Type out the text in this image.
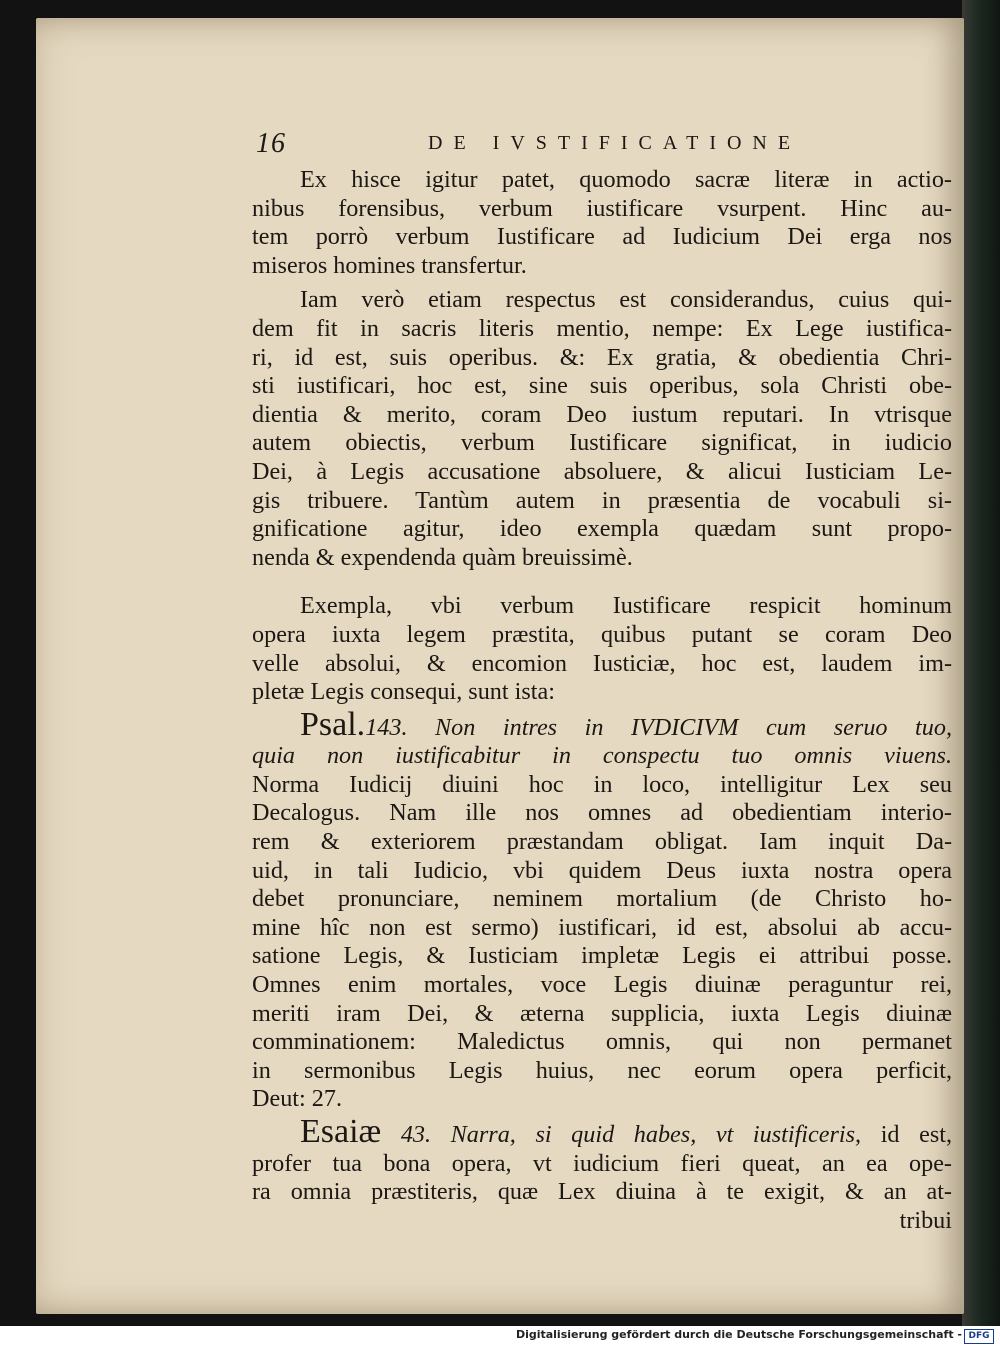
16	DE IVSTIFICATIONE

Ex hisce igitur patet, quomodo sacræ literæ in actio-
nibus forensibus, verbum iustificare vsurpent. Hinc au-
tem porrò verbum Iustificare ad Iudicium Dei erga nos
miseros homines transfertur.

Iam verò etiam respectus est considerandus, cuius qui-
dem fit in sacris literis mentio, nempe: Ex Lege iustifica-
ri, id est, suis operibus. &: Ex gratia, & obedientia Chri-
sti iustificari, hoc est, sine suis operibus, sola Christi obe-
dientia & merito, coram Deo iustum reputari. In vtrisque
autem obiectis, verbum Iustificare significat, in iudicio
Dei, à Legis accusatione absoluere, & alicui Iusticiam Le-
gis tribuere. Tantùm autem in præsentia de vocabuli si-
gnificatione agitur, ideo exempla quædam sunt propo-
nenda & expendenda quàm breuissimè.

Exempla, vbi verbum Iustificare respicit hominum
opera iuxta legem præstita, quibus putant se coram Deo
velle absolui, & encomion Iusticiæ, hoc est, laudem im-
pletæ Legis consequi, sunt ista:

Psal.143. Non intres in IVDICIVM cum seruo tuo,
quia non iustificabitur in conspectu tuo omnis viuens.
Norma Iudicij diuini hoc in loco, intelligitur Lex seu
Decalogus. Nam ille nos omnes ad obedientiam interio-
rem & exteriorem præstandam obligat. Iam inquit Da-
uid, in tali Iudicio, vbi quidem Deus iuxta nostra opera
debet pronunciare, neminem mortalium (de Christo ho-
mine hîc non est sermo) iustificari, id est, absolui ab accu-
satione Legis, & Iusticiam impletæ Legis ei attribui posse.
Omnes enim mortales, voce Legis diuinæ peraguntur rei,
meriti iram Dei, & æterna supplicia, iuxta Legis diuinæ
comminationem: Maledictus omnis, qui non permanet
in sermonibus Legis huius, nec eorum opera perficit,
Deut: 27.

Esaiæ 43. Narra, si quid habes, vt iustificeris, id est,
profer tua bona opera, vt iudicium fieri queat, an ea ope-
ra omnia præstiteris, quæ Lex diuina à te exigit, & an at-
tribui

Digitalisierung gefördert durch die Deutsche Forschungsgemeinschaft - DFG
